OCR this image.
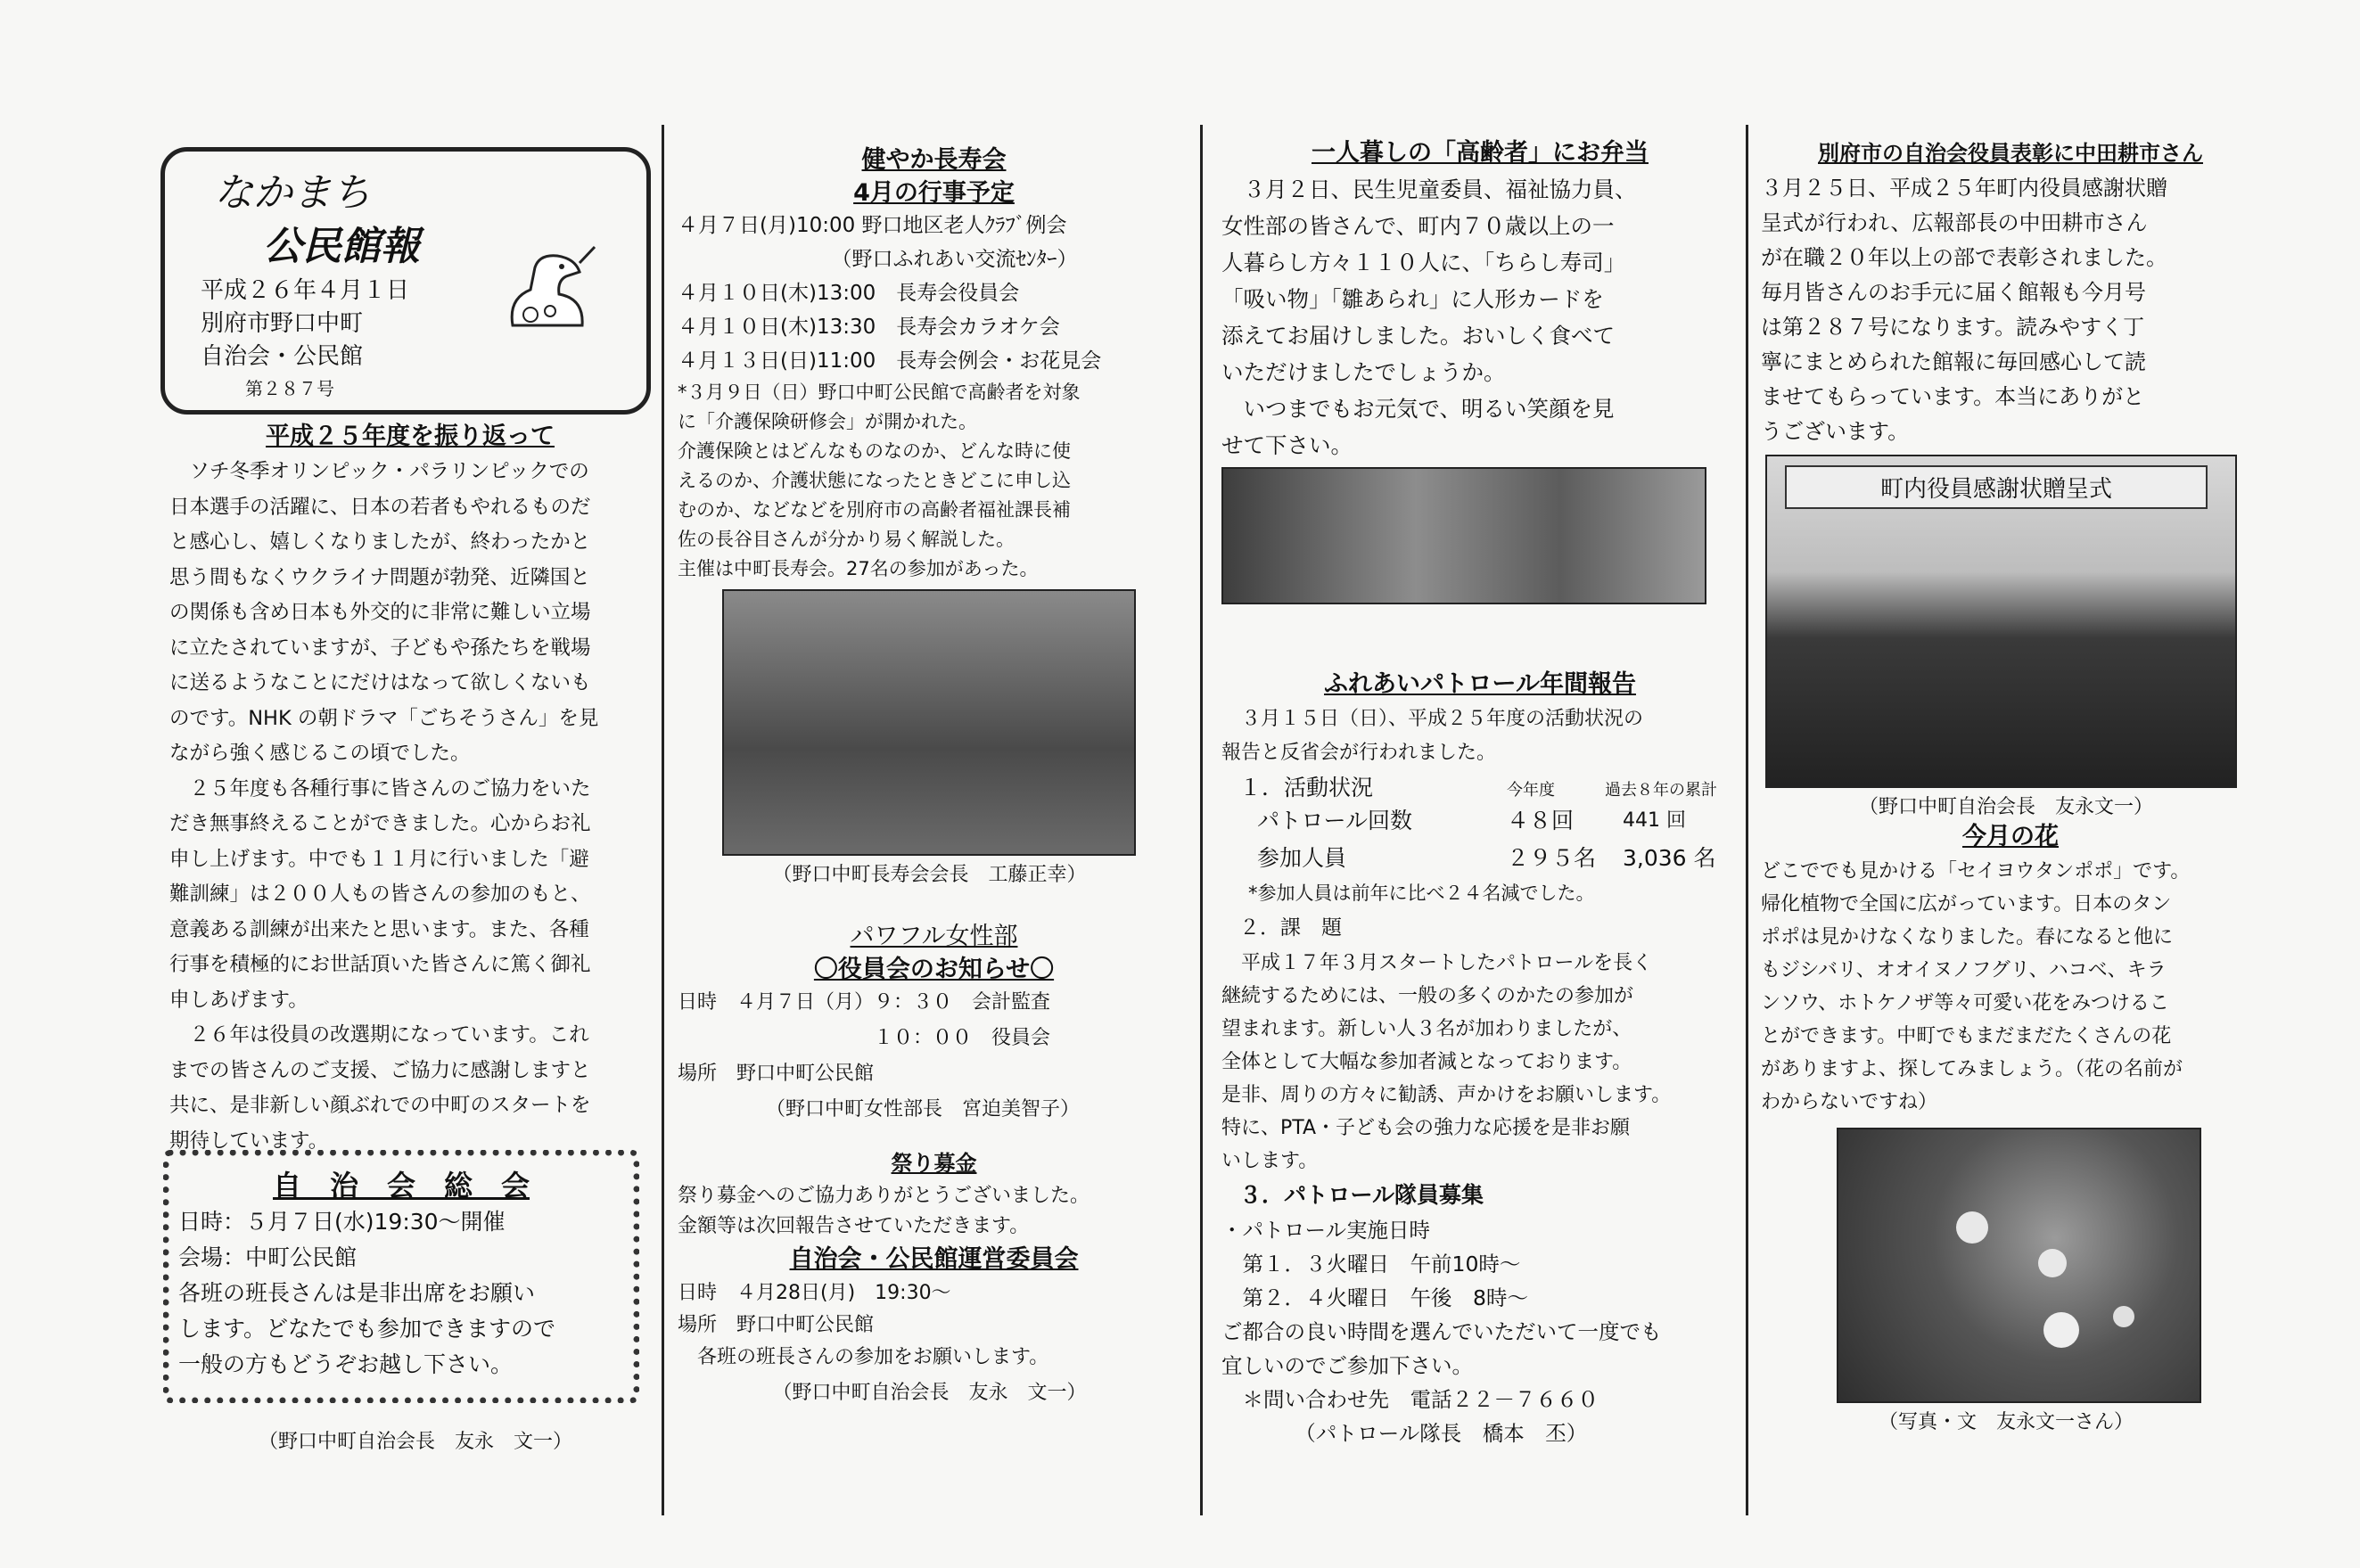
なかまち
公民館報
平成２６年４月１日
別府市野口中町
自治会・公民館
第２８７号

平成２５年度を振り返って

　ソチ冬季オリンピック・パラリンピックでの
日本選手の活躍に、日本の若者もやれるものだ
と感心し、嬉しくなりましたが、終わったかと
思う間もなくウクライナ問題が勃発、近隣国と
の関係も含め日本も外交的に非常に難しい立場
に立たされていますが、子どもや孫たちを戦場
に送るようなことにだけはなって欲しくないも
のです。NHK の朝ドラマ「ごちそうさん」を見
ながら強く感じるこの頃でした。
　２５年度も各種行事に皆さんのご協力をいた
だき無事終えることができました。心からお礼
申し上げます。中でも１１月に行いました「避
難訓練」は２００人もの皆さんの参加のもと、
意義ある訓練が出来たと思います。また、各種
行事を積極的にお世話頂いた皆さんに篤く御礼
申しあげます。
　２６年は役員の改選期になっています。これ
までの皆さんのご支援、ご協力に感謝しますと
共に、是非新しい顔ぶれでの中町のスタートを
期待しています。

自　治　会　総　会

日時：５月７日(水)19:30～開催
会場：中町公民館
各班の班長さんは是非出席をお願い
します。どなたでも参加できますので
一般の方もどうぞお越し下さい。

（野口中町自治会長　友永　文一）

健やか長寿会

4月の行事予定

４月７日(月)10:00 野口地区老人ｸﾗﾌﾞ例会
　　　　　　　　（野口ふれあい交流ｾﾝﾀｰ）
４月１０日(木)13:00　長寿会役員会
４月１０日(木)13:30　長寿会カラオケ会
４月１３日(日)11:00　長寿会例会・お花見会

*３月９日（日）野口中町公民館で高齢者を対象
に「介護保険研修会」が開かれた。
介護保険とはどんなものなのか、どんな時に使
えるのか、介護状態になったときどこに申し込
むのか、などなどを別府市の高齢者福祉課長補
佐の長谷目さんが分かり易く解説した。
主催は中町長寿会。27名の参加があった。

（野口中町長寿会会長　工藤正幸）

パワフル女性部

〇役員会のお知らせ〇

日時　４月７日（月）９：３０　会計監査
　　　　　　　　　　１０：００　役員会
場所　野口中町公民館
　　　　　（野口中町女性部長　宮迫美智子）

祭り募金

祭り募金へのご協力ありがとうございました。
金額等は次回報告させていただきます。

自治会・公民館運営委員会

日時　４月28日(月)　19:30～
場所　野口中町公民館
　各班の班長さんの参加をお願いします。

（野口中町自治会長　友永　文一）

一人暮しの「高齢者」にお弁当

　３月２日、民生児童委員、福祉協力員、
女性部の皆さんで、町内７０歳以上の一
人暮らし方々１１０人に、「ちらし寿司」
「吸い物」「雛あられ」に人形カードを
添えてお届けしました。おいしく食べて
いただけましたでしょうか。
　いつまでもお元気で、明るい笑顔を見
せて下さい。

ふれあいパトロール年間報告

　３月１５日（日）、平成２５年度の活動状況の
報告と反省会が行われました。

１．活動状況	今年度	過去８年の累計
パトロール回数	４８回	441 回
参加人員	２９５名	3,036 名

*参加人員は前年に比べ２４名減でした。

２．課　題

　平成１７年３月スタートしたパトロールを長く
継続するためには、一般の多くのかたの参加が
望まれます。新しい人３名が加わりましたが、
全体として大幅な参加者減となっております。
是非、周りの方々に勧誘、声かけをお願いします。
特に、PTA・子ども会の強力な応援を是非お願
いします。

３．パトロール隊員募集

・パトロール実施日時
　第１．３火曜日　午前10時～
　第２．４火曜日　午後　8時～
ご都合の良い時間を選んでいただいて一度でも
宜しいのでご参加下さい。
　＊問い合わせ先　電話２２－７６６０
　　　　（パトロール隊長　橋本　丕）

別府市の自治会役員表彰に中田耕市さん

３月２５日、平成２５年町内役員感謝状贈
呈式が行われ、広報部長の中田耕市さん
が在職２０年以上の部で表彰されました。
毎月皆さんのお手元に届く館報も今月号
は第２８７号になります。読みやすく丁
寧にまとめられた館報に毎回感心して読
ませてもらっています。本当にありがと
うございます。

町内役員感謝状贈呈式

（野口中町自治会長　友永文一）

今月の花

どこででも見かける「セイヨウタンポポ」です。
帰化植物で全国に広がっています。日本のタン
ポポは見かけなくなりました。春になると他に
もジシバリ、オオイヌノフグリ、ハコベ、キラ
ンソウ、ホトケノザ等々可愛い花をみつけるこ
とができます。中町でもまだまだたくさんの花
がありますよ、探してみましょう。（花の名前が
わからないですね）

（写真・文　友永文一さん）
